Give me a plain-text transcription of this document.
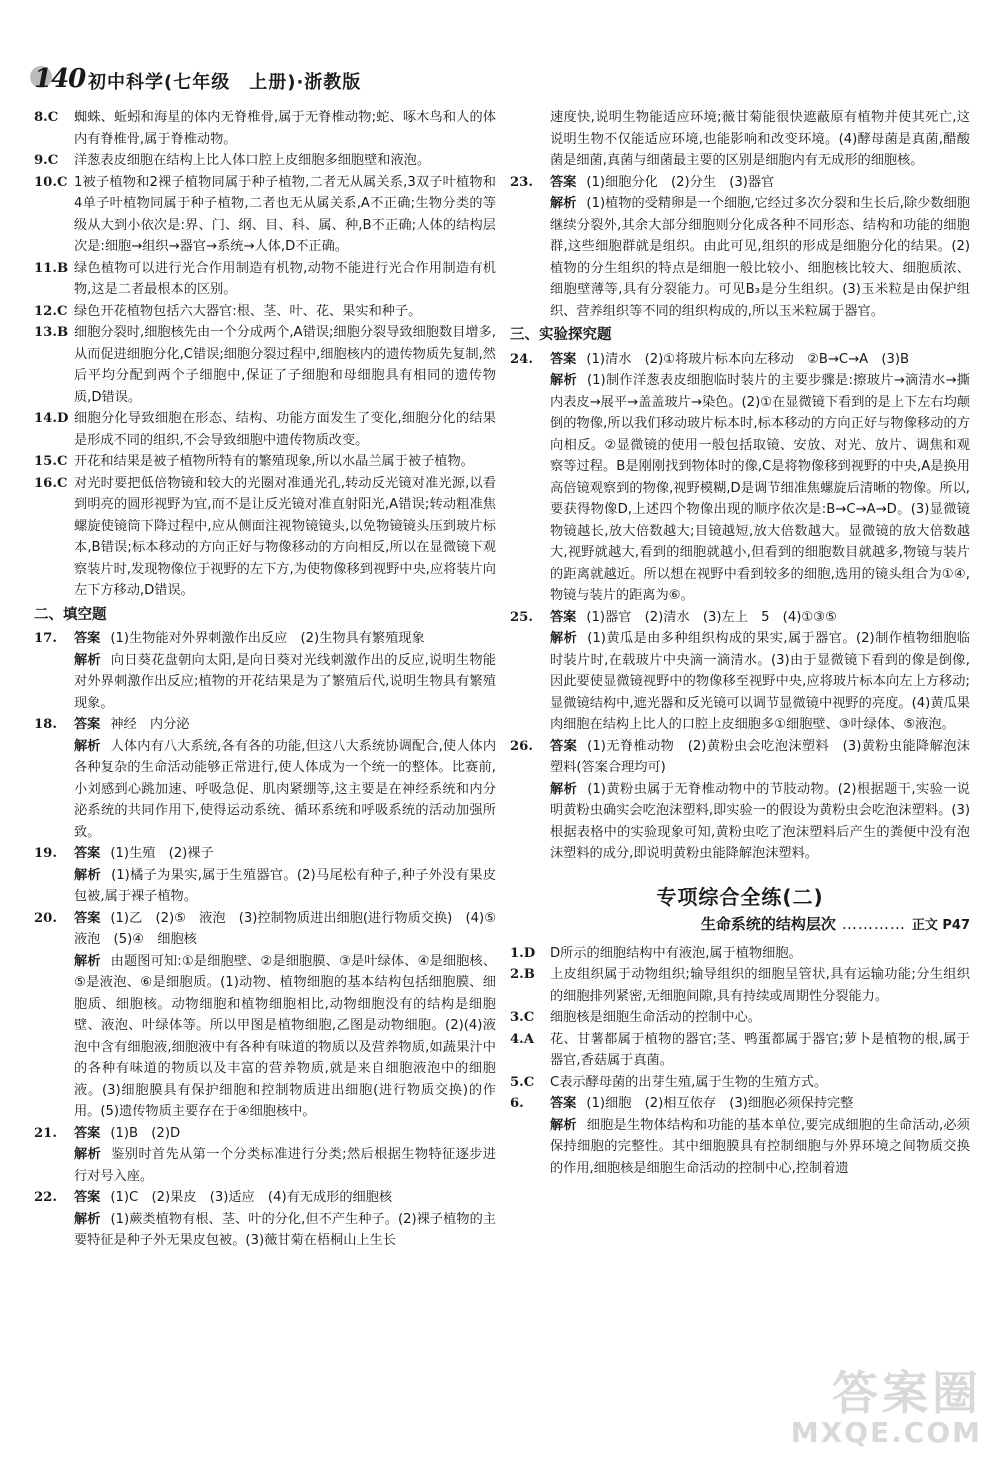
140 初中科学(七年级　上册)·浙教版

8.C 蜘蛛、蚯蚓和海星的体内无脊椎骨,属于无脊椎动物;蛇、啄木鸟和人的体内有脊椎骨,属于脊椎动物。

9.C 洋葱表皮细胞在结构上比人体口腔上皮细胞多细胞壁和液泡。

10.C 1被子植物和2裸子植物同属于种子植物,二者无从属关系,3双子叶植物和4单子叶植物同属于种子植物,二者也无从属关系,A不正确;生物分类的等级从大到小依次是:界、门、纲、目、科、属、种,B不正确;人体的结构层次是:细胞→组织→器官→系统→人体,D不正确。

11.B 绿色植物可以进行光合作用制造有机物,动物不能进行光合作用制造有机物,这是二者最根本的区别。

12.C 绿色开花植物包括六大器官:根、茎、叶、花、果实和种子。

13.B 细胞分裂时,细胞核先由一个分成两个,A错误;细胞分裂导致细胞数目增多,从而促进细胞分化,C错误;细胞分裂过程中,细胞核内的遗传物质先复制,然后平均分配到两个子细胞中,保证了子细胞和母细胞具有相同的遗传物质,D错误。

14.D 细胞分化导致细胞在形态、结构、功能方面发生了变化,细胞分化的结果是形成不同的组织,不会导致细胞中遗传物质改变。

15.C 开花和结果是被子植物所特有的繁殖现象,所以水晶兰属于被子植物。

16.C 对光时要把低倍物镜和较大的光圈对准通光孔,转动反光镜对准光源,以看到明亮的圆形视野为宜,而不是让反光镜对准直射阳光,A错误;转动粗准焦螺旋使镜筒下降过程中,应从侧面注视物镜镜头,以免物镜镜头压到玻片标本,B错误;标本移动的方向正好与物像移动的方向相反,所以在显微镜下观察装片时,发现物像位于视野的左下方,为使物像移到视野中央,应将装片向左下方移动,D错误。

二、填空题
17. 答案 (1)生物能对外界刺激作出反应　(2)生物具有繁殖现象
解析 向日葵花盘朝向太阳,是向日葵对光线刺激作出的反应,说明生物能对外界刺激作出反应;植物的开花结果是为了繁殖后代,说明生物具有繁殖现象。
18. 答案 神经　内分泌
解析 人体内有八大系统,各有各的功能,但这八大系统协调配合,使人体内各种复杂的生命活动能够正常进行,使人体成为一个统一的整体。比赛前,小刘感到心跳加速、呼吸急促、肌肉紧绷等,这主要是在神经系统和内分泌系统的共同作用下,使得运动系统、循环系统和呼吸系统的活动加强所致。
19. 答案 (1)生殖　(2)裸子
解析 (1)橘子为果实,属于生殖器官。(2)马尾松有种子,种子外没有果皮包被,属于裸子植物。
20. 答案 (1)乙　(2)⑤　液泡　(3)控制物质进出细胞(进行物质交换)　(4)⑤　液泡　(5)④　细胞核
解析 由题图可知:①是细胞壁、②是细胞膜、③是叶绿体、④是细胞核、⑤是液泡、⑥是细胞质。(1)动物、植物细胞的基本结构包括细胞膜、细胞质、细胞核。动物细胞和植物细胞相比,动物细胞没有的结构是细胞壁、液泡、叶绿体等。所以甲图是植物细胞,乙图是动物细胞。(2)(4)液泡中含有细胞液,细胞液中有各种有味道的物质以及营养物质,如蔬果汁中的各种有味道的物质以及丰富的营养物质,就是来自细胞液泡中的细胞液。(3)细胞膜具有保护细胞和控制物质进出细胞(进行物质交换)的作用。(5)遗传物质主要存在于④细胞核中。
21. 答案 (1)B　(2)D
解析 鉴别时首先从第一个分类标准进行分类;然后根据生物特征逐步进行对号入座。
22. 答案 (1)C　(2)果皮　(3)适应　(4)有无成形的细胞核
解析 (1)蕨类植物有根、茎、叶的分化,但不产生种子。(2)裸子植物的主要特征是种子外无果皮包被。(3)薇甘菊在梧桐山上生长

速度快,说明生物能适应环境;薇甘菊能很快遮蔽原有植物并使其死亡,这说明生物不仅能适应环境,也能影响和改变环境。(4)酵母菌是真菌,醋酸菌是细菌,真菌与细菌最主要的区别是细胞内有无成形的细胞核。

23. 答案 (1)细胞分化　(2)分生　(3)器官
解析 (1)植物的受精卵是一个细胞,它经过多次分裂和生长后,除少数细胞继续分裂外,其余大部分细胞则分化成各种不同形态、结构和功能的细胞群,这些细胞群就是组织。由此可见,组织的形成是细胞分化的结果。(2)植物的分生组织的特点是细胞一般比较小、细胞核比较大、细胞质浓、细胞壁薄等,具有分裂能力。可见B₃是分生组织。(3)玉米粒是由保护组织、营养组织等不同的组织构成的,所以玉米粒属于器官。
三、实验探究题
24. 答案 (1)清水　(2)①将玻片标本向左移动　②B→C→A　(3)B
解析 (1)制作洋葱表皮细胞临时装片的主要步骤是:擦玻片→滴清水→撕内表皮→展平→盖盖玻片→染色。(2)①在显微镜下看到的是上下左右均颠倒的物像,所以我们移动玻片标本时,标本移动的方向正好与物像移动的方向相反。②显微镜的使用一般包括取镜、安放、对光、放片、调焦和观察等过程。B是刚刚找到物体时的像,C是将物像移到视野的中央,A是换用高倍镜观察到的物像,视野模糊,D是调节细准焦螺旋后清晰的物像。所以,要获得物像D,上述四个物像出现的顺序依次是:B→C→A→D。(3)显微镜物镜越长,放大倍数越大;目镜越短,放大倍数越大。显微镜的放大倍数越大,视野就越大,看到的细胞就越小,但看到的细胞数目就越多,物镜与装片的距离就越近。所以想在视野中看到较多的细胞,选用的镜头组合为①④,物镜与装片的距离为⑥。
25. 答案 (1)器官　(2)清水　(3)左上　5　(4)①③⑤
解析 (1)黄瓜是由多种组织构成的果实,属于器官。(2)制作植物细胞临时装片时,在载玻片中央滴一滴清水。(3)由于显微镜下看到的像是倒像,因此要使显微镜视野中的物像移至视野中央,应将玻片标本向左上方移动;显微镜结构中,遮光器和反光镜可以调节显微镜中视野的亮度。(4)黄瓜果肉细胞在结构上比人的口腔上皮细胞多①细胞壁、③叶绿体、⑤液泡。
26. 答案 (1)无脊椎动物　(2)黄粉虫会吃泡沫塑料　(3)黄粉虫能降解泡沫塑料(答案合理均可)
解析 (1)黄粉虫属于无脊椎动物中的节肢动物。(2)根据题干,实验一说明黄粉虫确实会吃泡沫塑料,即实验一的假设为黄粉虫会吃泡沫塑料。(3)根据表格中的实验现象可知,黄粉虫吃了泡沫塑料后产生的粪便中没有泡沫塑料的成分,即说明黄粉虫能降解泡沫塑料。
专项综合全练(二)
生命系统的结构层次 ………… 正文 P47

1.D D所示的细胞结构中有液泡,属于植物细胞。

2.B 上皮组织属于动物组织;输导组织的细胞呈管状,具有运输功能;分生组织的细胞排列紧密,无细胞间隙,具有持续或周期性分裂能力。

3.C 细胞核是细胞生命活动的控制中心。

4.A 花、甘薯都属于植物的器官;茎、鸭蛋都属于器官;萝卜是植物的根,属于器官,香菇属于真菌。

5.C C表示酵母菌的出芽生殖,属于生物的生殖方式。

6. 答案 (1)细胞　(2)相互依存　(3)细胞必须保持完整
解析 细胞是生物体结构和功能的基本单位,要完成细胞的生命活动,必须保持细胞的完整性。其中细胞膜具有控制细胞与外界环境之间物质交换的作用,细胞核是细胞生命活动的控制中心,控制着遗
答案圈
MXQE.COM
